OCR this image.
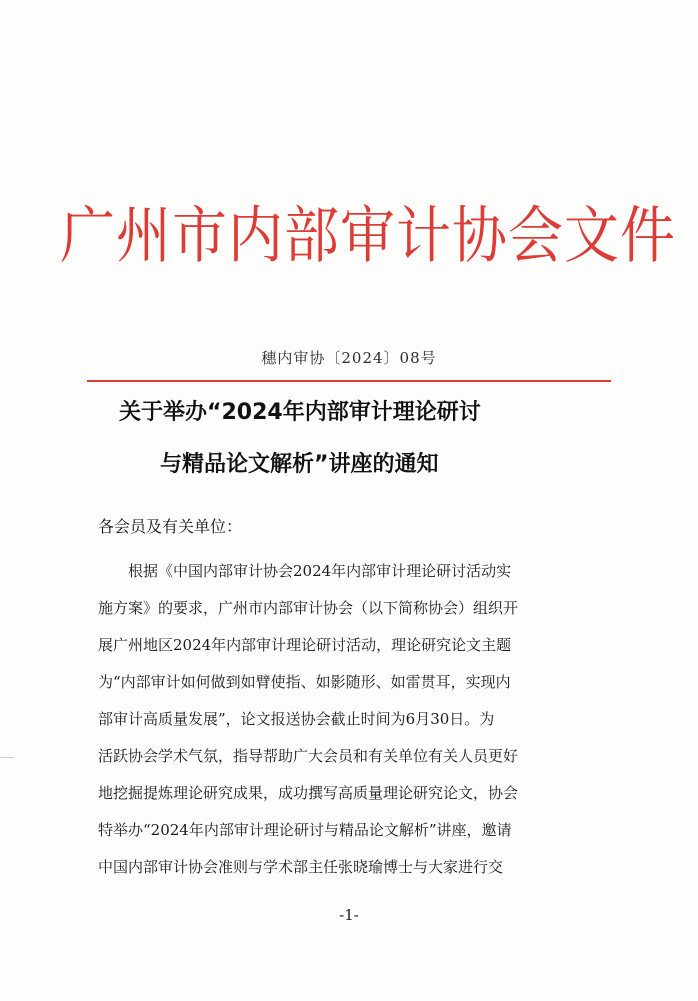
广州市内部审计协会文件
穗内审协〔2024〕08号
关于举办“2024年内部审计理论研讨
与精品论文解析”讲座的通知
各会员及有关单位：
根据《中国内部审计协会2024年内部审计理论研讨活动实
施方案》的要求，广州市内部审计协会（以下简称协会）组织开
展广州地区2024年内部审计理论研讨活动，理论研究论文主题
为“内部审计如何做到如臂使指、如影随形、如雷贯耳，实现内
部审计高质量发展”，论文报送协会截止时间为6月30日。为
活跃协会学术气氛，指导帮助广大会员和有关单位有关人员更好
地挖掘提炼理论研究成果，成功撰写高质量理论研究论文，协会
特举办“2024年内部审计理论研讨与精品论文解析”讲座，邀请
中国内部审计协会准则与学术部主任张晓瑜博士与大家进行交
-1-
